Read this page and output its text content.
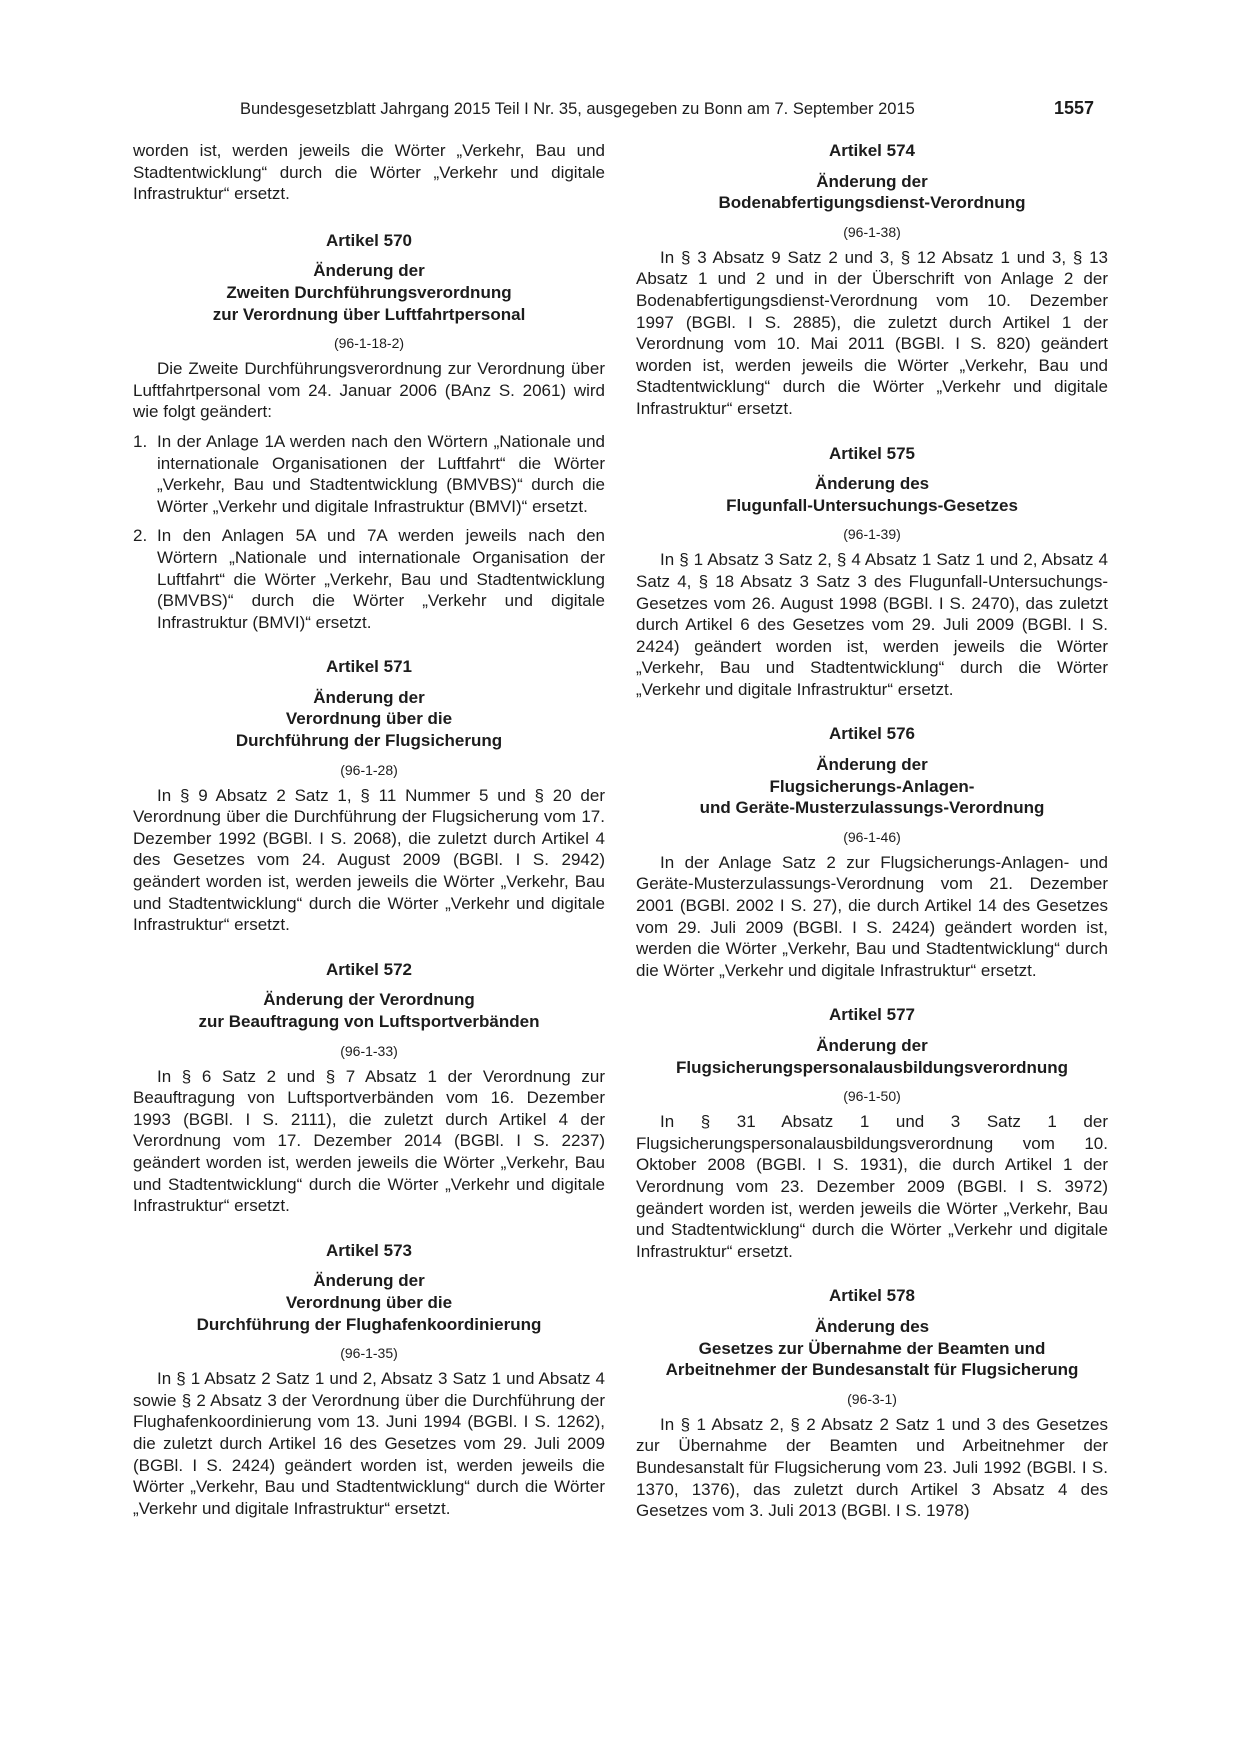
Bundesgesetzblatt Jahrgang 2015 Teil I Nr. 35, ausgegeben zu Bonn am 7. September 2015	1557

worden ist, werden jeweils die Wörter „Verkehr, Bau und Stadtentwicklung“ durch die Wörter „Verkehr und digitale Infrastruktur“ ersetzt.

Artikel 570
Änderung der
Zweiten Durchführungsverordnung
zur Verordnung über Luftfahrtpersonal
(96-1-18-2)

Die Zweite Durchführungsverordnung zur Verordnung über Luftfahrtpersonal vom 24. Januar 2006 (BAnz S. 2061) wird wie folgt geändert:

1. In der Anlage 1A werden nach den Wörtern „Nationale und internationale Organisationen der Luftfahrt“ die Wörter „Verkehr, Bau und Stadtentwicklung (BMVBS)“ durch die Wörter „Verkehr und digitale Infrastruktur (BMVI)“ ersetzt.

2. In den Anlagen 5A und 7A werden jeweils nach den Wörtern „Nationale und internationale Organisation der Luftfahrt“ die Wörter „Verkehr, Bau und Stadtentwicklung (BMVBS)“ durch die Wörter „Verkehr und digitale Infrastruktur (BMVI)“ ersetzt.

Artikel 571
Änderung der
Verordnung über die
Durchführung der Flugsicherung
(96-1-28)

In § 9 Absatz 2 Satz 1, § 11 Nummer 5 und § 20 der Verordnung über die Durchführung der Flugsicherung vom 17. Dezember 1992 (BGBl. I S. 2068), die zuletzt durch Artikel 4 des Gesetzes vom 24. August 2009 (BGBl. I S. 2942) geändert worden ist, werden jeweils die Wörter „Verkehr, Bau und Stadtentwicklung“ durch die Wörter „Verkehr und digitale Infrastruktur“ ersetzt.

Artikel 572
Änderung der Verordnung
zur Beauftragung von Luftsportverbänden
(96-1-33)

In § 6 Satz 2 und § 7 Absatz 1 der Verordnung zur Beauftragung von Luftsportverbänden vom 16. Dezember 1993 (BGBl. I S. 2111), die zuletzt durch Artikel 4 der Verordnung vom 17. Dezember 2014 (BGBl. I S. 2237) geändert worden ist, werden jeweils die Wörter „Verkehr, Bau und Stadtentwicklung“ durch die Wörter „Verkehr und digitale Infrastruktur“ ersetzt.

Artikel 573
Änderung der
Verordnung über die
Durchführung der Flughafenkoordinierung
(96-1-35)

In § 1 Absatz 2 Satz 1 und 2, Absatz 3 Satz 1 und Absatz 4 sowie § 2 Absatz 3 der Verordnung über die Durchführung der Flughafenkoordinierung vom 13. Juni 1994 (BGBl. I S. 1262), die zuletzt durch Artikel 16 des Gesetzes vom 29. Juli 2009 (BGBl. I S. 2424) geändert worden ist, werden jeweils die Wörter „Verkehr, Bau und Stadtentwicklung“ durch die Wörter „Verkehr und digitale Infrastruktur“ ersetzt.

Artikel 574
Änderung der
Bodenabfertigungsdienst-Verordnung
(96-1-38)

In § 3 Absatz 9 Satz 2 und 3, § 12 Absatz 1 und 3, § 13 Absatz 1 und 2 und in der Überschrift von Anlage 2 der Bodenabfertigungsdienst-Verordnung vom 10. Dezember 1997 (BGBl. I S. 2885), die zuletzt durch Artikel 1 der Verordnung vom 10. Mai 2011 (BGBl. I S. 820) geändert worden ist, werden jeweils die Wörter „Verkehr, Bau und Stadtentwicklung“ durch die Wörter „Verkehr und digitale Infrastruktur“ ersetzt.

Artikel 575
Änderung des
Flugunfall-Untersuchungs-Gesetzes
(96-1-39)

In § 1 Absatz 3 Satz 2, § 4 Absatz 1 Satz 1 und 2, Absatz 4 Satz 4, § 18 Absatz 3 Satz 3 des Flugunfall-Untersuchungs-Gesetzes vom 26. August 1998 (BGBl. I S. 2470), das zuletzt durch Artikel 6 des Gesetzes vom 29. Juli 2009 (BGBl. I S. 2424) geändert worden ist, werden jeweils die Wörter „Verkehr, Bau und Stadtentwicklung“ durch die Wörter „Verkehr und digitale Infrastruktur“ ersetzt.

Artikel 576
Änderung der
Flugsicherungs-Anlagen-
und Geräte-Musterzulassungs-Verordnung
(96-1-46)

In der Anlage Satz 2 zur Flugsicherungs-Anlagen- und Geräte-Musterzulassungs-Verordnung vom 21. Dezember 2001 (BGBl. 2002 I S. 27), die durch Artikel 14 des Gesetzes vom 29. Juli 2009 (BGBl. I S. 2424) geändert worden ist, werden die Wörter „Verkehr, Bau und Stadtentwicklung“ durch die Wörter „Verkehr und digitale Infrastruktur“ ersetzt.

Artikel 577
Änderung der
Flugsicherungspersonalausbildungsverordnung
(96-1-50)

In § 31 Absatz 1 und 3 Satz 1 der Flugsicherungspersonalausbildungsverordnung vom 10. Oktober 2008 (BGBl. I S. 1931), die durch Artikel 1 der Verordnung vom 23. Dezember 2009 (BGBl. I S. 3972) geändert worden ist, werden jeweils die Wörter „Verkehr, Bau und Stadtentwicklung“ durch die Wörter „Verkehr und digitale Infrastruktur“ ersetzt.

Artikel 578
Änderung des
Gesetzes zur Übernahme der Beamten und
Arbeitnehmer der Bundesanstalt für Flugsicherung
(96-3-1)

In § 1 Absatz 2, § 2 Absatz 2 Satz 1 und 3 des Gesetzes zur Übernahme der Beamten und Arbeitnehmer der Bundesanstalt für Flugsicherung vom 23. Juli 1992 (BGBl. I S. 1370, 1376), das zuletzt durch Artikel 3 Absatz 4 des Gesetzes vom 3. Juli 2013 (BGBl. I S. 1978)
